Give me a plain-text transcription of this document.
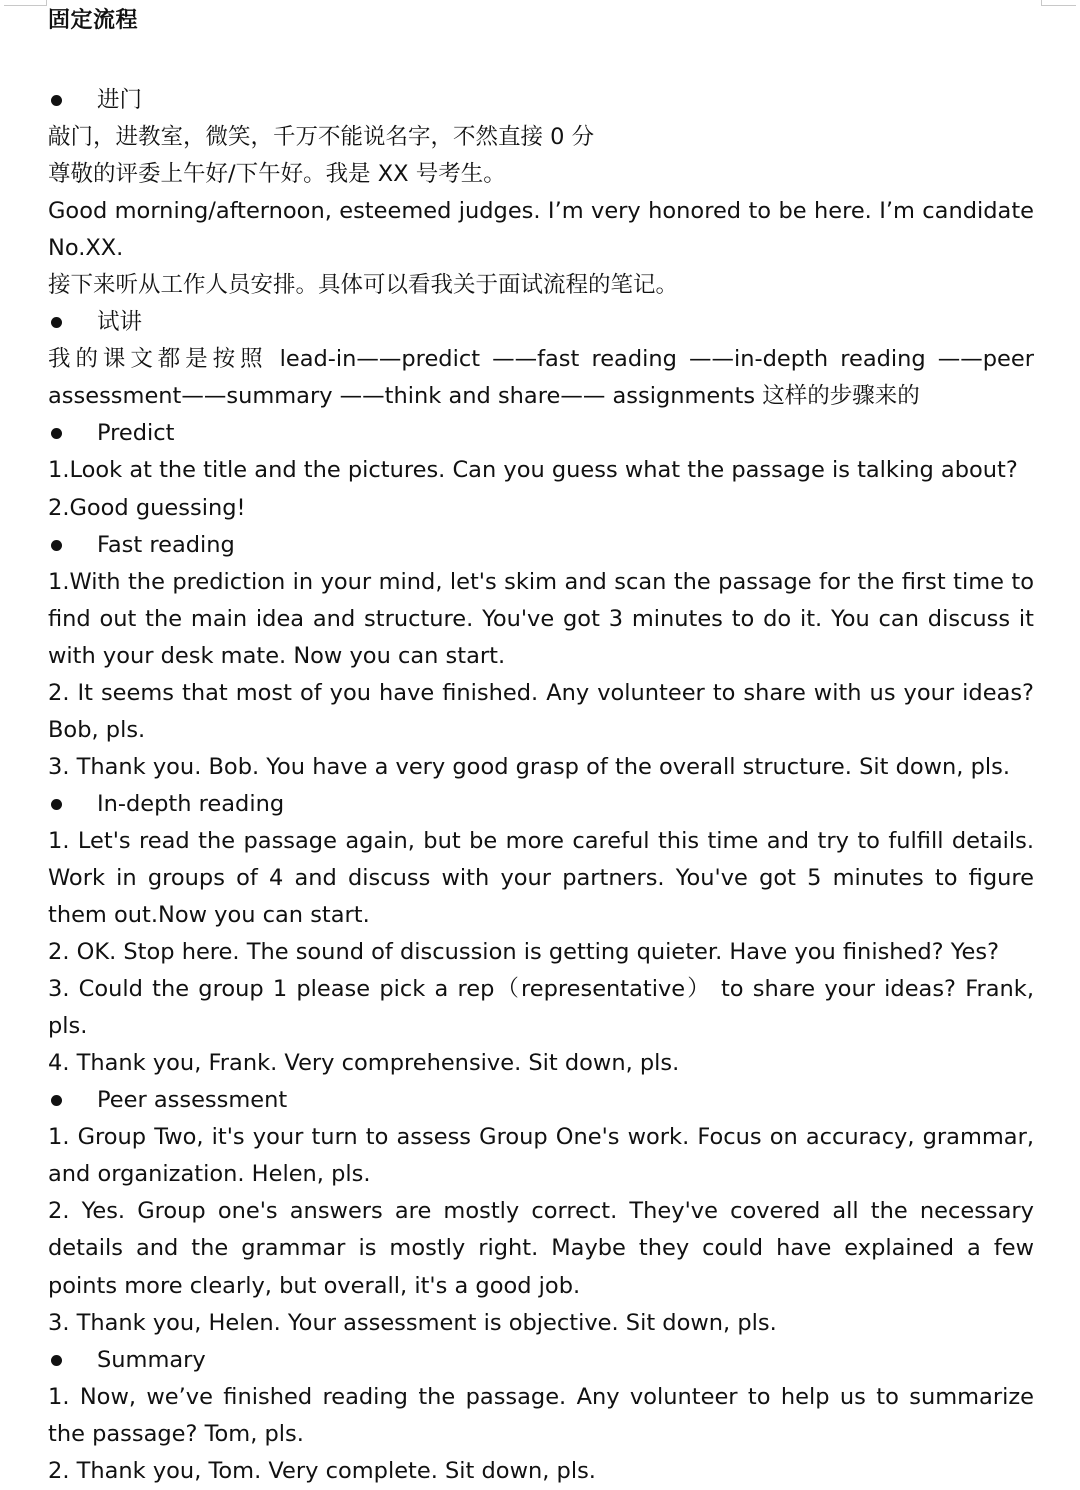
固定流程
进门

敲门，进教室，微笑，千万不能说名字，不然直接 0 分

尊敬的评委上午好/下午好。我是 XX 号考生。

Good morning/afternoon, esteemed judges. I’m very honored to be here. I’m candidate No.XX.

接下来听从工作人员安排。具体可以看我关于面试流程的笔记。

试讲

我的课文都是按照 lead-in——predict ——fast reading ——in-depth reading ——peer assessment——summary ——think and share—— assignments 这样的步骤来的

Predict

1.Look at the title and the pictures. Can you guess what the passage is talking about?

2.Good guessing!

Fast reading

1.With the prediction in your mind, let's skim and scan the passage for the first time to find out the main idea and structure. You've got 3 minutes to do it. You can discuss it with your desk mate. Now you can start.

2. It seems that most of you have finished. Any volunteer to share with us your ideas? Bob, pls.

3. Thank you. Bob. You have a very good grasp of the overall structure. Sit down, pls.

In-depth reading

1. Let's read the passage again, but be more careful this time and try to fulfill details. Work in groups of 4 and discuss with your partners. You've got 5 minutes to figure them out.Now you can start.

2. OK. Stop here. The sound of discussion is getting quieter. Have you finished? Yes?

3. Could the group 1 please pick a rep（representative） to share your ideas? Frank, pls.

4. Thank you, Frank. Very comprehensive. Sit down, pls.

Peer assessment

1. Group Two, it's your turn to assess Group One's work. Focus on accuracy, grammar, and organization. Helen, pls.

2. Yes. Group one's answers are mostly correct. They've covered all the necessary details and the grammar is mostly right. Maybe they could have explained a few points more clearly, but overall, it's a good job.

3. Thank you, Helen. Your assessment is objective. Sit down, pls.

Summary

1. Now, we’ve finished reading the passage. Any volunteer to help us to summarize the passage? Tom, pls.

2. Thank you, Tom. Very complete. Sit down, pls.
